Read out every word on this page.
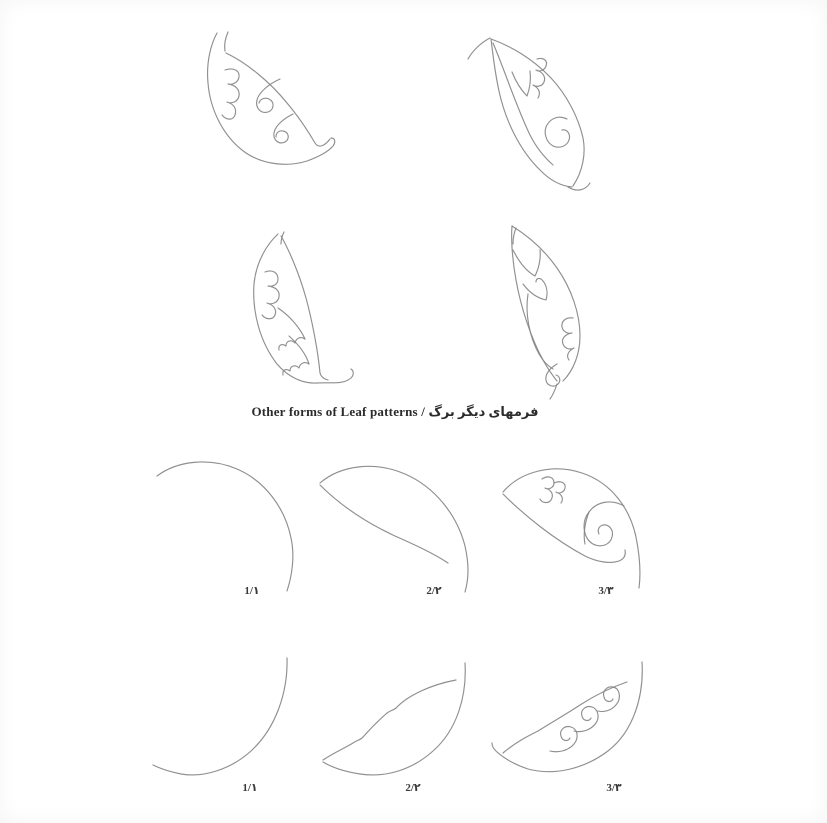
Other forms of Leaf patterns / فرمهای دیگر برگ
1/۱	2/۲	3/۳
1/۱	2/۲	3/۳
